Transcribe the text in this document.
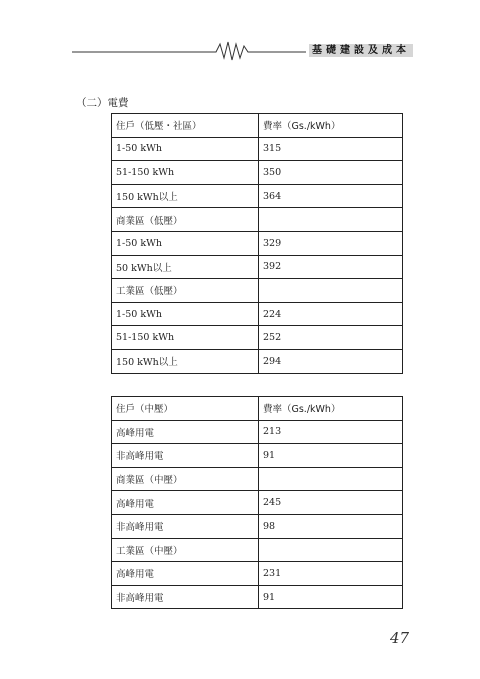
基礎建設及成本
（二）電費
住戶（低壓・社區）	費率（Gs./kWh）
1-50 kWh	315
51-150 kWh	350
150 kWh以上	364
商業區（低壓）	
1-50 kWh	329
50 kWh以上	392
工業區（低壓）	
1-50 kWh	224
51-150 kWh	252
150 kWh以上	294
住戶（中壓）	費率（Gs./kWh）
高峰用電	213
非高峰用電	91
商業區（中壓）	
高峰用電	245
非高峰用電	98
工業區（中壓）	
高峰用電	231
非高峰用電	91
47
